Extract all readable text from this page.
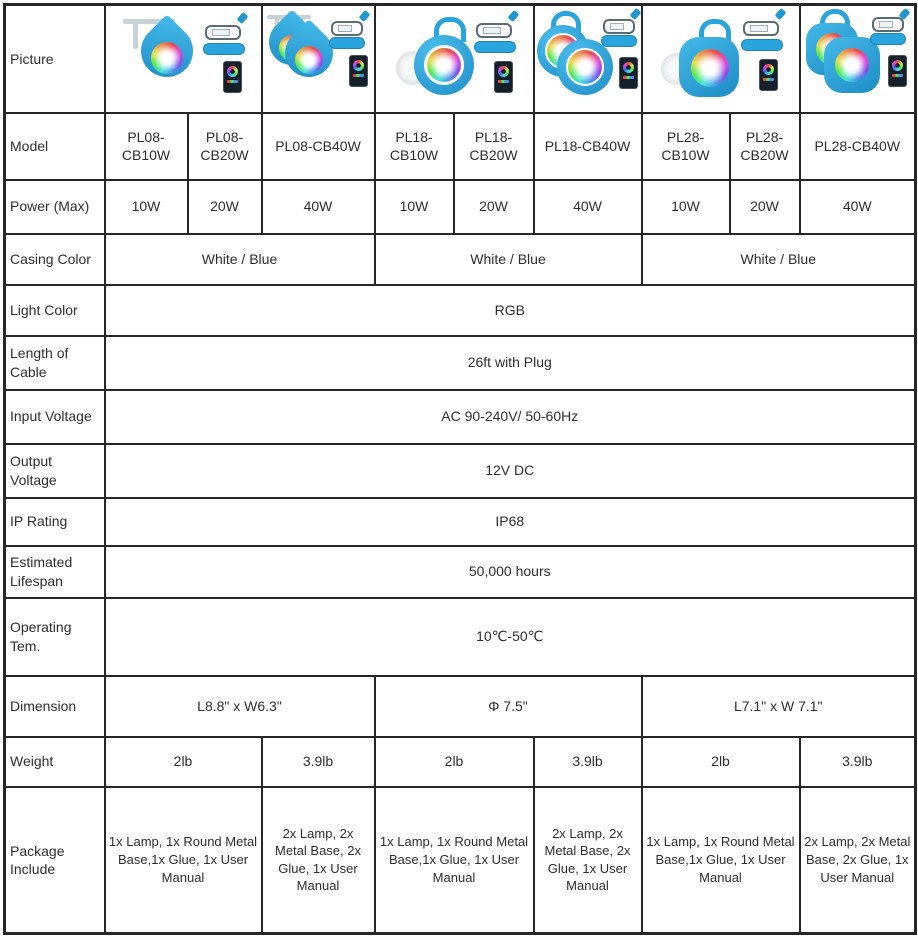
Picture				

Model	PL08-CB10W	PL08-CB20W	PL08-CB40W	PL18-CB10W	PL18-CB20W	PL18-CB40W	PL28-CB10W	PL28-CB20W	PL28-CB40W
Power (Max)	10W	20W	40W	10W	20W	40W	10W	20W	40W
Casing Color	White / Blue			White / Blue			White / Blue		
Light Color	RGB								
Length of Cable	26ft with Plug								
Input Voltage	AC 90-240V/ 50-60Hz								
Output Voltage	12V DC								
IP Rating	IP68								
Estimated Lifespan	50,000 hours								
Operating Tem.	10℃-50℃								
Dimension	L8.8" x W6.3"			Φ 7.5"			L7.1" x W 7.1"		
Weight	2lb		3.9lb	2lb		3.9lb	2lb		3.9lb
Package Include	1x Lamp, 1x Round Metal Base,1x Glue, 1x User Manual		2x Lamp, 2x Metal Base, 2x Glue, 1x User Manual	1x Lamp, 1x Round Metal Base,1x Glue, 1x User Manual		2x Lamp, 2x Metal Base, 2x Glue, 1x User Manual	1x Lamp, 1x Round Metal Base,1x Glue, 1x User Manual		2x Lamp, 2x Metal Base, 2x Glue, 1x User Manual
